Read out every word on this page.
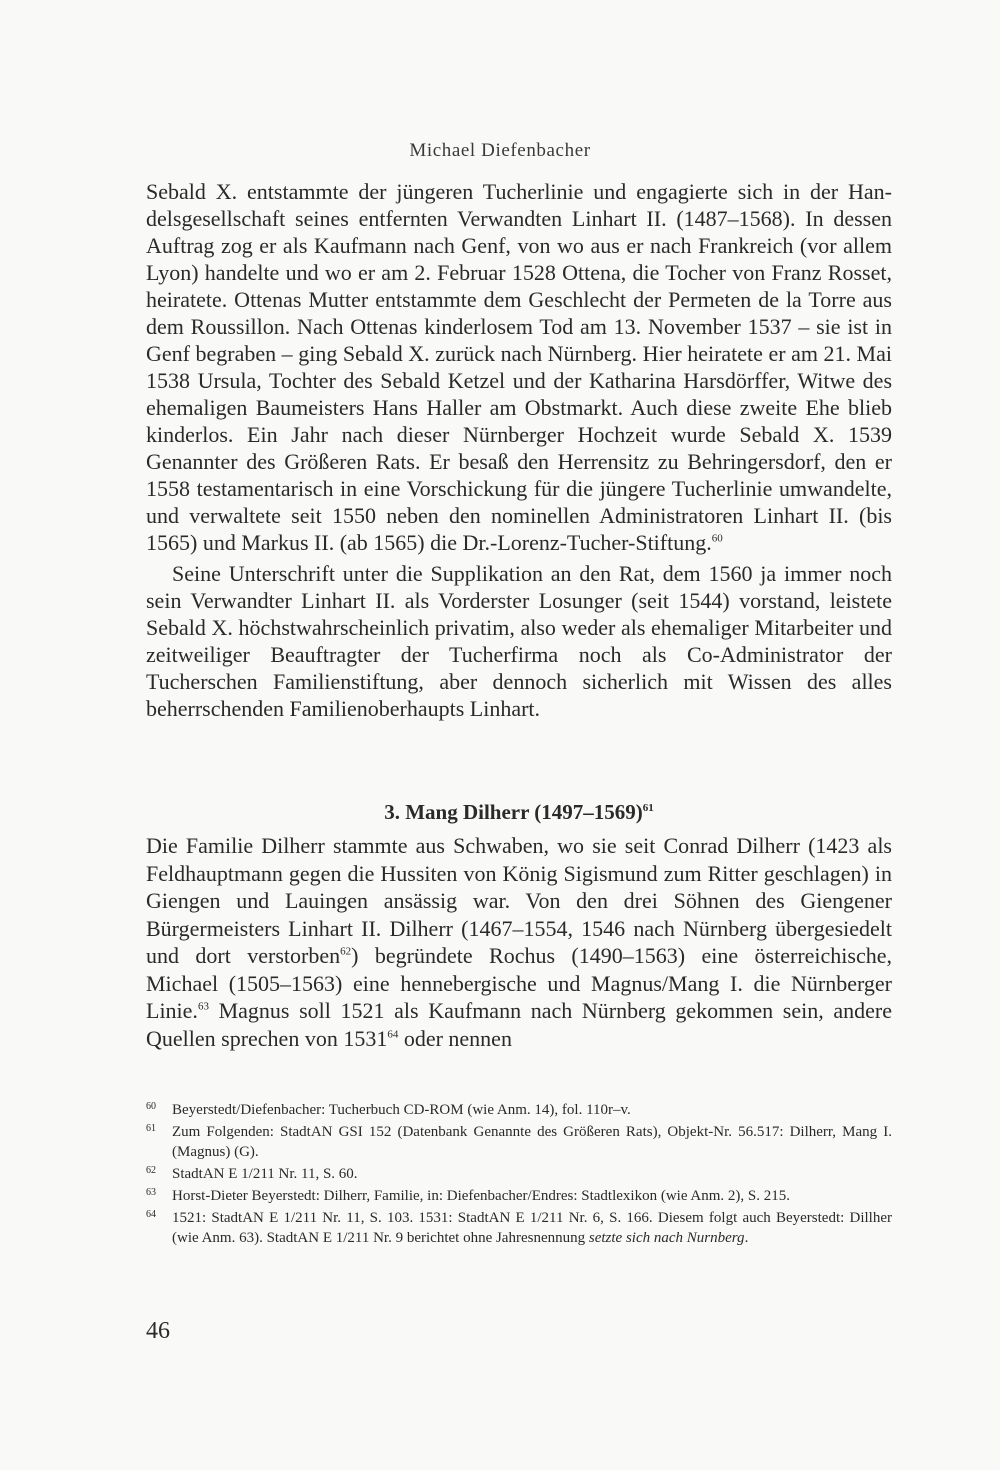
Michael Diefenbacher

Sebald X. entstammte der jüngeren Tucherlinie und engagierte sich in der Handelsgesellschaft seines entfernten Verwandten Linhart II. (1487–1568). In dessen Auftrag zog er als Kaufmann nach Genf, von wo aus er nach Frankreich (vor allem Lyon) handelte und wo er am 2. Februar 1528 Ottena, die Tocher von Franz Rosset, heiratete. Ottenas Mutter entstammte dem Geschlecht der Permeten de la Torre aus dem Roussillon. Nach Ottenas kinderlosem Tod am 13. November 1537 – sie ist in Genf begraben – ging Sebald X. zurück nach Nürnberg. Hier heiratete er am 21. Mai 1538 Ursula, Tochter des Sebald Ketzel und der Katharina Harsdörffer, Witwe des ehemaligen Baumeisters Hans Haller am Obstmarkt. Auch diese zweite Ehe blieb kinderlos. Ein Jahr nach dieser Nürnberger Hochzeit wurde Sebald X. 1539 Genannter des Größeren Rats. Er besaß den Herrensitz zu Behringersdorf, den er 1558 testamentarisch in eine Vorschickung für die jüngere Tucherlinie umwandelte, und verwaltete seit 1550 neben den nominellen Administratoren Linhart II. (bis 1565) und Markus II. (ab 1565) die Dr.-Lorenz-Tucher-Stiftung.$^{60}$

Seine Unterschrift unter die Supplikation an den Rat, dem 1560 ja immer noch sein Verwandter Linhart II. als Vorderster Losunger (seit 1544) vorstand, leistete Sebald X. höchstwahrscheinlich privatim, also weder als ehemaliger Mitarbeiter und zeitweiliger Beauftragter der Tucherfirma noch als Co-Administrator der Tucherschen Familienstiftung, aber dennoch sicherlich mit Wissen des alles beherrschenden Familienoberhaupts Linhart.

3. Mang Dilherr (1497–1569)$^{61}$

Die Familie Dilherr stammte aus Schwaben, wo sie seit Conrad Dilherr (1423 als Feldhauptmann gegen die Hussiten von König Sigismund zum Ritter geschlagen) in Giengen und Lauingen ansässig war. Von den drei Söhnen des Giengener Bürgermeisters Linhart II. Dilherr (1467–1554, 1546 nach Nürnberg übergesiedelt und dort verstorben$^{62}$) begründete Rochus (1490–1563) eine österreichische, Michael (1505–1563) eine hennebergische und Magnus/Mang I. die Nürnberger Linie.$^{63}$ Magnus soll 1521 als Kaufmann nach Nürnberg gekommen sein, andere Quellen sprechen von 1531$^{64}$ oder nennen

60	Beyerstedt/Diefenbacher: Tucherbuch CD-ROM (wie Anm. 14), fol. 110r–v.
61	Zum Folgenden: StadtAN GSI 152 (Datenbank Genannte des Größeren Rats), Objekt-Nr. 56.517: Dilherr, Mang I. (Magnus) (G).
62	StadtAN E 1/211 Nr. 11, S. 60.
63	Horst-Dieter Beyerstedt: Dilherr, Familie, in: Diefenbacher/Endres: Stadtlexikon (wie Anm. 2), S. 215.
64	1521: StadtAN E 1/211 Nr. 11, S. 103. 1531: StadtAN E 1/211 Nr. 6, S. 166. Diesem folgt auch Beyerstedt: Dillher (wie Anm. 63). StadtAN E 1/211 Nr. 9 berichtet ohne Jahresnennung setzte sich nach Nurnberg.
46
